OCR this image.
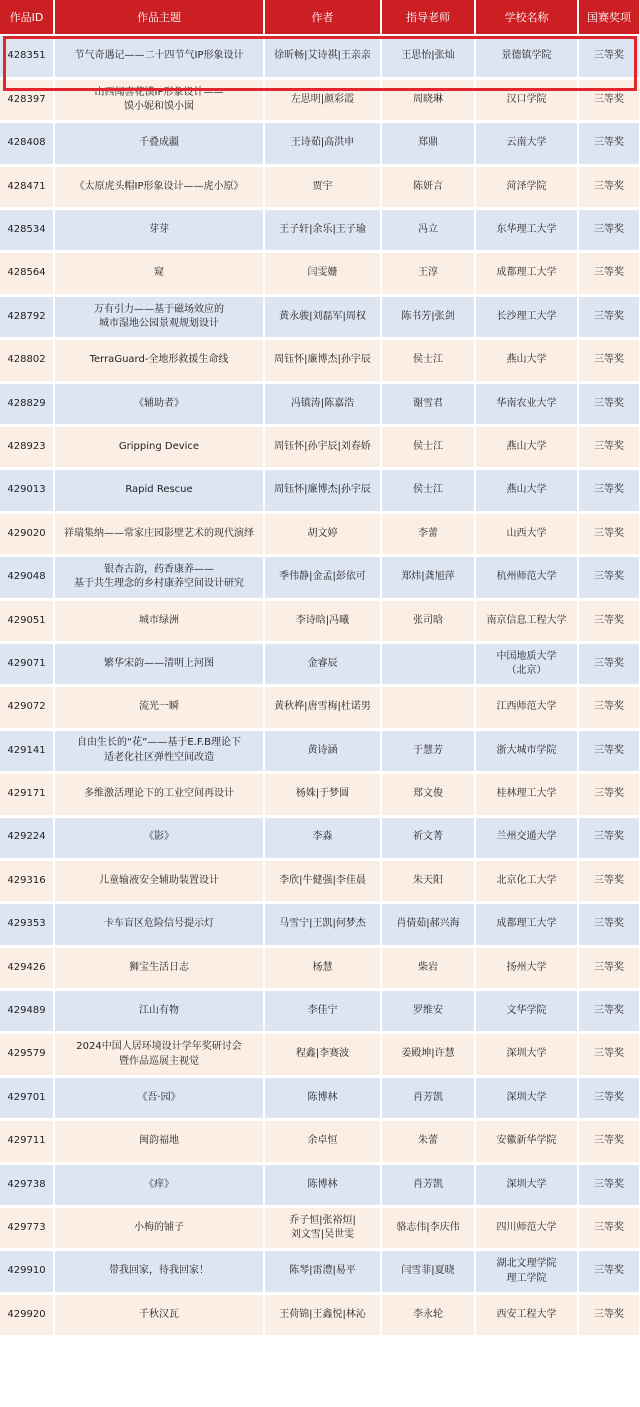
作品ID	作品主题	作者	指导老师	学校名称	国赛奖项

428351	节气奇遇记——二十四节气IP形象设计	徐昕畅|艾诗祺|王亲亲	王思怡|张灿	景德镇学院	三等奖

428397	山西闻喜花馍IP形象设计——
馍小妮和馍小囡	左思明|颜彩霞	周晓琳	汉口学院	三等奖

428408	千叠成疆	王诗茹|高洪申	郑鼎	云南大学	三等奖

428471	《太原虎头帽IP形象设计——虎小原》	贾宇	陈妍言	菏泽学院	三等奖

428534	芽芽	王子轩|余乐|王子瑜	冯立	东华理工大学	三等奖

428564	窥	闫雯姗	王淳	成都理工大学	三等奖

428792	万有引力——基于磁场效应的
城市湿地公园景观规划设计	黄永骏|刘磊军|周权	陈书芳|张剑	长沙理工大学	三等奖

428802	TerraGuard-全地形救援生命线	周钰怀|廉博杰|孙宇辰	侯士江	燕山大学	三等奖

428829	《辅助者》	冯镇涛|陈嘉浩	谢雪君	华南农业大学	三等奖

428923	Gripping Device	周钰怀|孙宇辰|刘春娇	侯士江	燕山大学	三等奖

429013	Rapid Rescue	周钰怀|廉博杰|孙宇辰	侯士江	燕山大学	三等奖

429020	祥瑞集纳——常家庄园影壁艺术的现代演绎	胡文婷	李蕾	山西大学	三等奖

429048	银杏古韵，药香康养——
基于共生理念的乡村康养空间设计研究	季伟静|金孟|彭依可	郑炜|龚旭萍	杭州师范大学	三等奖

429051	城市绿洲	李诗晗|冯曦	张司晗	南京信息工程大学	三等奖

429071	繁华宋韵——清明上河图	金睿辰		中国地质大学
（北京）	三等奖

429072	流光一瞬	黄秋桦|唐雪梅|杜诺男		江西师范大学	三等奖

429141	自由生长的“花”——基于E.F.B理论下
适老化社区弹性空间改造	黄诗涵	于慧芳	浙大城市学院	三等奖

429171	多维激活理论下的工业空间再设计	杨姝|于梦圆	郑文俊	桂林理工大学	三等奖

429224	《影》	李淼	祈文菁	兰州交通大学	三等奖

429316	儿童输液安全辅助装置设计	李欣|牛健强|李佳晨	朱天阳	北京化工大学	三等奖

429353	卡车盲区危险信号提示灯	马雪宁|王凯|何梦杰	肖倩茹|郝兴海	成都理工大学	三等奖

429426	狮宝生活日志	杨慧	柴岩	扬州大学	三等奖

429489	江山有物	李佳宁	罗维安	文华学院	三等奖

429579	2024中国人居环境设计学年奖研讨会
暨作品巡展主视觉	程鑫|李赛波	姜殿坤|许慧	深圳大学	三等奖

429701	《吾·园》	陈博林	肖芳凯	深圳大学	三等奖

429711	闽韵福地	余卓恒	朱蕾	安徽新华学院	三等奖

429738	《痒》	陈博林	肖芳凯	深圳大学	三等奖

429773	小梅的铺子	乔子恒|张裕烜|
刘文雪|吴世雯	骆志伟|李庆伟	四川师范大学	三等奖

429910	带我回家，待我回家！	陈琴|雷澧|易平	闫雪菲|夏晓	湖北文理学院
理工学院	三等奖

429920	千秋汉瓦	王荷锦|王鑫悦|林沁	李永轮	西安工程大学	三等奖
